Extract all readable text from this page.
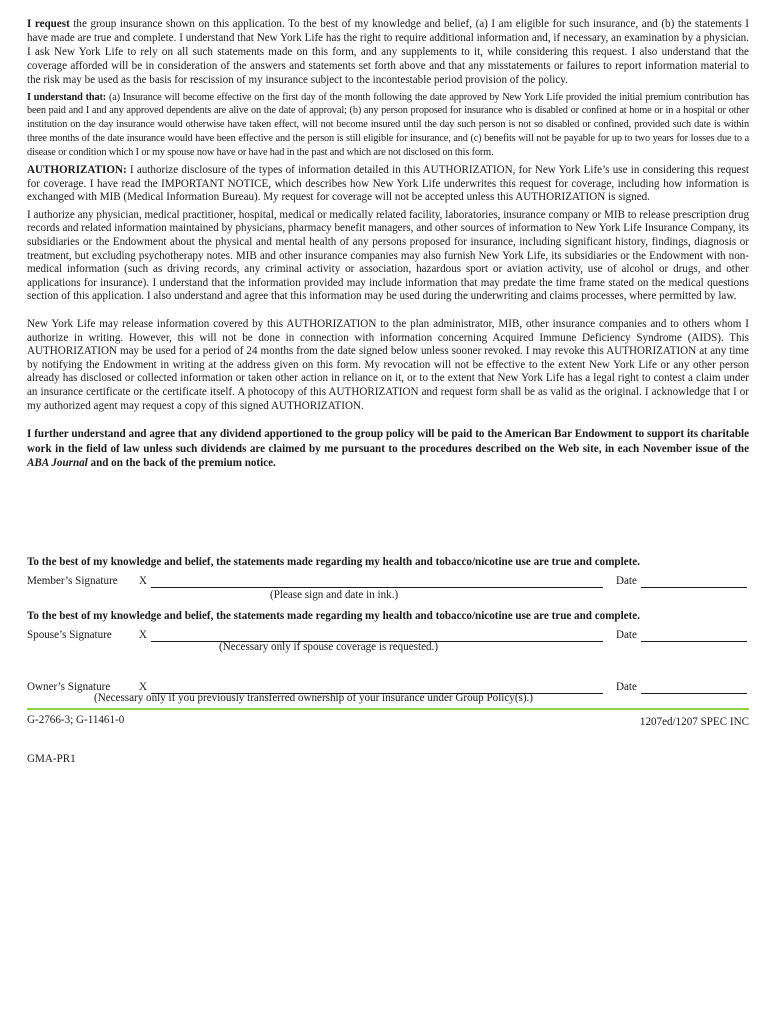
I request the group insurance shown on this application. To the best of my knowledge and belief, (a) I am eligible for such insurance, and (b) the statements I have made are true and complete. I understand that New York Life has the right to require additional information and, if necessary, an examination by a physician. I ask New York Life to rely on all such statements made on this form, and any supplements to it, while considering this request. I also understand that the coverage afforded will be in consideration of the answers and statements set forth above and that any misstatements or failures to report information material to the risk may be used as the basis for rescission of my insurance subject to the incontestable period provision of the policy.

I understand that: (a) Insurance will become effective on the first day of the month following the date approved by New York Life provided the initial premium contribution has been paid and I and any approved dependents are alive on the date of approval; (b) any person proposed for insurance who is disabled or confined at home or in a hospital or other institution on the day insurance would otherwise have taken effect, will not become insured until the day such person is not so disabled or confined, provided such date is within three months of the date insurance would have been effective and the person is still eligible for insurance, and (c) benefits will not be payable for up to two years for losses due to a disease or condition which I or my spouse now have or have had in the past and which are not disclosed on this form.

AUTHORIZATION: I authorize disclosure of the types of information detailed in this AUTHORIZATION, for New York Life’s use in considering this request for coverage. I have read the IMPORTANT NOTICE, which describes how New York Life underwrites this request for coverage, including how information is exchanged with MIB (Medical Information Bureau). My request for coverage will not be accepted unless this AUTHORIZATION is signed.

I authorize any physician, medical practitioner, hospital, medical or medically related facility, laboratories, insurance company or MIB to release prescription drug records and related information maintained by physicians, pharmacy benefit managers, and other sources of information to New York Life Insurance Company, its subsidiaries or the Endowment about the physical and mental health of any persons proposed for insurance, including significant history, findings, diagnosis or treatment, but excluding psychotherapy notes. MIB and other insurance companies may also furnish New York Life, its subsidiaries or the Endowment with non-medical information (such as driving records, any criminal activity or association, hazardous sport or aviation activity, use of alcohol or drugs, and other applications for insurance). I understand that the information provided may include information that may predate the time frame stated on the medical questions section of this application. I also understand and agree that this information may be used during the underwriting and claims processes, where permitted by law.

New York Life may release information covered by this AUTHORIZATION to the plan administrator, MIB, other insurance companies and to others whom I authorize in writing. However, this will not be done in connection with information concerning Acquired Immune Deficiency Syndrome (AIDS). This AUTHORIZATION may be used for a period of 24 months from the date signed below unless sooner revoked. I may revoke this AUTHORIZATION at any time by notifying the Endowment in writing at the address given on this form. My revocation will not be effective to the extent New York Life or any other person already has disclosed or collected information or taken other action in reliance on it, or to the extent that New York Life has a legal right to contest a claim under an insurance certificate or the certificate itself. A photocopy of this AUTHORIZATION and request form shall be as valid as the original. I acknowledge that I or my authorized agent may request a copy of this signed AUTHORIZATION.

I further understand and agree that any dividend apportioned to the group policy will be paid to the American Bar Endowment to support its charitable work in the field of law unless such dividends are claimed by me pursuant to the procedures described on the Web site, in each November issue of the ABA Journal and on the back of the premium notice.

To the best of my knowledge and belief, the statements made regarding my health and tobacco/nicotine use are true and complete.
Member’s Signature X	Date
(Please sign and date in ink.)
To the best of my knowledge and belief, the statements made regarding my health and tobacco/nicotine use are true and complete.
Spouse’s Signature X	Date
(Necessary only if spouse coverage is requested.)
Owner’s Signature	X	Date
(Necessary only if you previously transferred ownership of your insurance under Group Policy(s).)
G-2766-3; G-11461-0	1207ed/1207 SPEC INC
GMA-PR1
